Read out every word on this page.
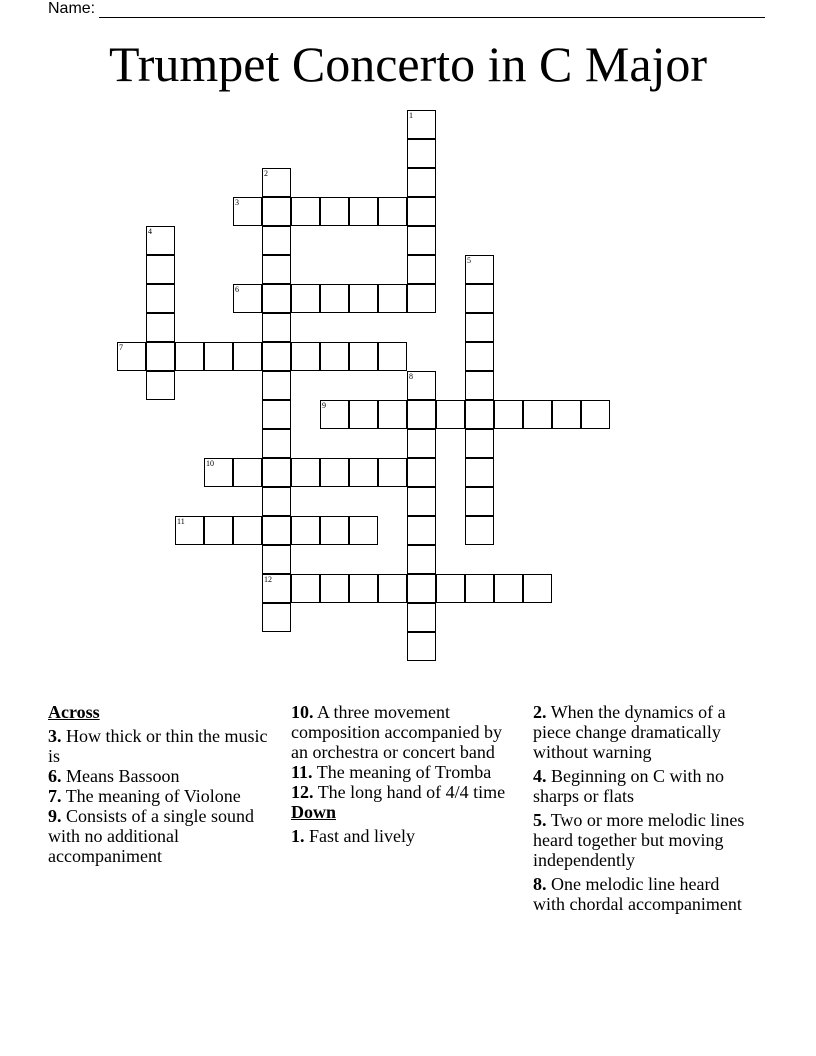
Name:
Trumpet Concerto in C Major
1
2
12
3
4
5
6
7
8
9
10
11
Across
3. How thick or thin the music is
6. Means Bassoon
7. The meaning of Violone
9. Consists of a single sound with no additional accompaniment
10. A three movement composition accompanied by an orchestra or concert band
11. The meaning of Tromba
12. The long hand of 4/4 time
Down
1. Fast and lively
2. When the dynamics of a piece change dramatically without warning
4. Beginning on C with no sharps or flats
5. Two or more melodic lines heard together but moving independently
8. One melodic line heard with chordal accompaniment
